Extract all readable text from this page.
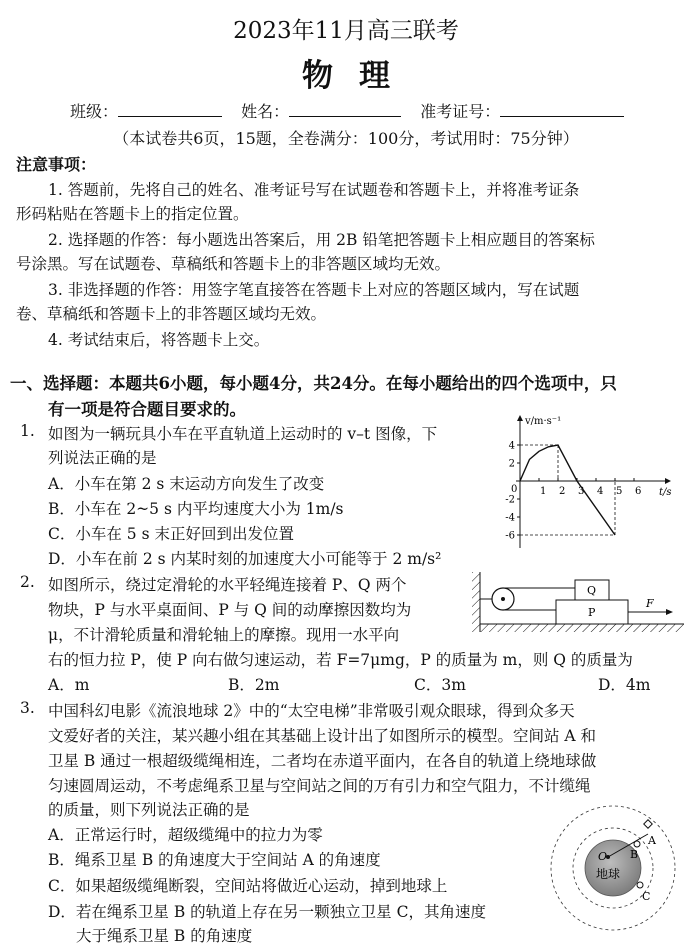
2023年11月高三联考
物理
班级：	姓名：	准考证号：
（本试卷共6页，15题，全卷满分：100分，考试用时：75分钟）
注意事项：
1. 答题前，先将自己的姓名、准考证号写在试题卷和答题卡上，并将准考证条
形码粘贴在答题卡上的指定位置。
2. 选择题的作答：每小题选出答案后，用 2B 铅笔把答题卡上相应题目的答案标
号涂黑。写在试题卷、草稿纸和答题卡上的非答题区域均无效。
3. 非选择题的作答：用签字笔直接答在答题卡上对应的答题区域内，写在试题
卷、草稿纸和答题卡上的非答题区域均无效。
4. 考试结束后，将答题卡上交。
一、选择题：本题共6小题，每小题4分，共24分。在每小题给出的四个选项中，只
有一项是符合题目要求的。
1. 如图为一辆玩具小车在平直轨道上运动时的 v–t 图像，下
列说法正确的是
A．小车在第 2 s 末运动方向发生了改变
B．小车在 2~5 s 内平均速度大小为 1m/s
C．小车在 5 s 末正好回到出发位置
D．小车在前 2 s 内某时刻的加速度大小可能等于 2 m/s²
v/m·s⁻¹
t/s
0
4
2
-2
-4
-6
1 2 3 4 5 6
2. 如图所示，绕过定滑轮的水平轻绳连接着 P、Q 两个
物块，P 与水平桌面间、P 与 Q 间的动摩擦因数均为
μ，不计滑轮质量和滑轮轴上的摩擦。现用一水平向
右的恒力拉 P，使 P 向右做匀速运动，若 F=7μmg，P 的质量为 m，则 Q 的质量为
A．m	B．2m	C．3m	D．4m
Q
P
F
3. 中国科幻电影《流浪地球 2》中的“太空电梯”非常吸引观众眼球，得到众多天
文爱好者的关注，某兴趣小组在其基础上设计出了如图所示的模型。空间站 A 和
卫星 B 通过一根超级缆绳相连，二者均在赤道平面内，在各自的轨道上绕地球做
匀速圆周运动，不考虑绳系卫星与空间站之间的万有引力和空气阻力，不计缆绳
的质量，则下列说法正确的是
A．正常运行时，超级缆绳中的拉力为零
B．绳系卫星 B 的角速度大于空间站 A 的角速度
C．如果超级缆绳断裂，空间站将做近心运动，掉到地球上
D．若在绳系卫星 B 的轨道上存在另一颗独立卫星 C，其角速度
大于绳系卫星 B 的角速度
O
地球
A
B
C
